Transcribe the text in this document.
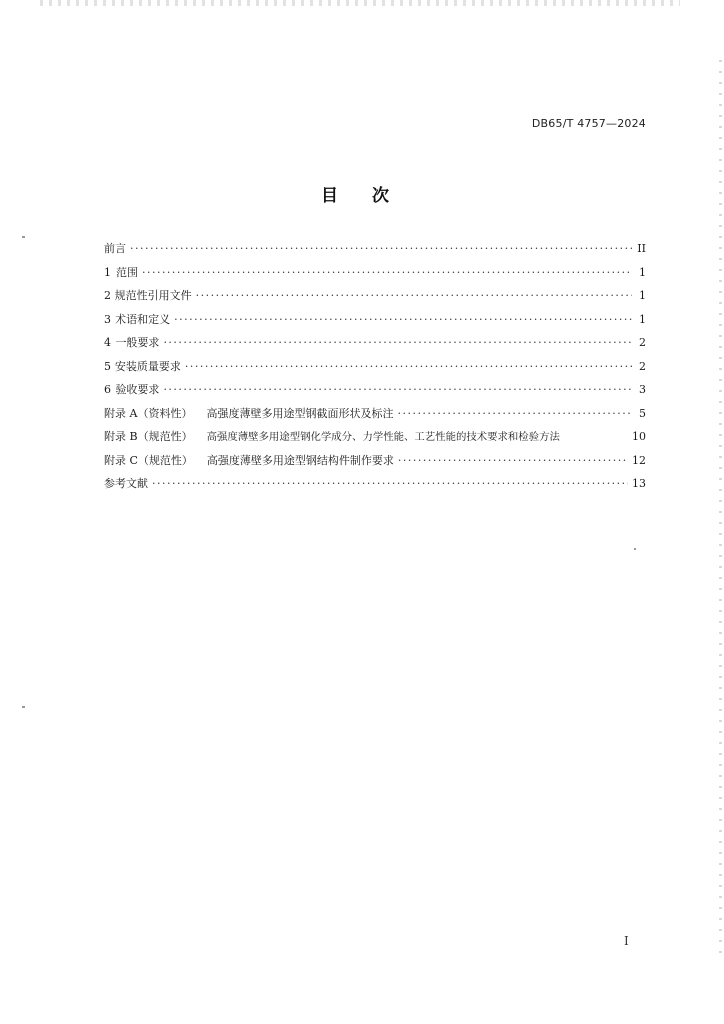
DB65/T 4757—2024
目 次
前言 ·····	II
1 范围 ·····	1
2 规范性引用文件 ·····	1
3 术语和定义 ·····	1
4 一般要求 ·····	2
5 安装质量要求 ·····	2
6 验收要求 ·····	3
附录 A（资料性） 高强度薄壁多用途型钢截面形状及标注 ·····	5
附录 B（规范性） 高强度薄壁多用途型钢化学成分、力学性能、工艺性能的技术要求和检验方法	10
附录 C（规范性） 高强度薄壁多用途型钢结构件制作要求 ·····	12
参考文献 ·····	13
I
